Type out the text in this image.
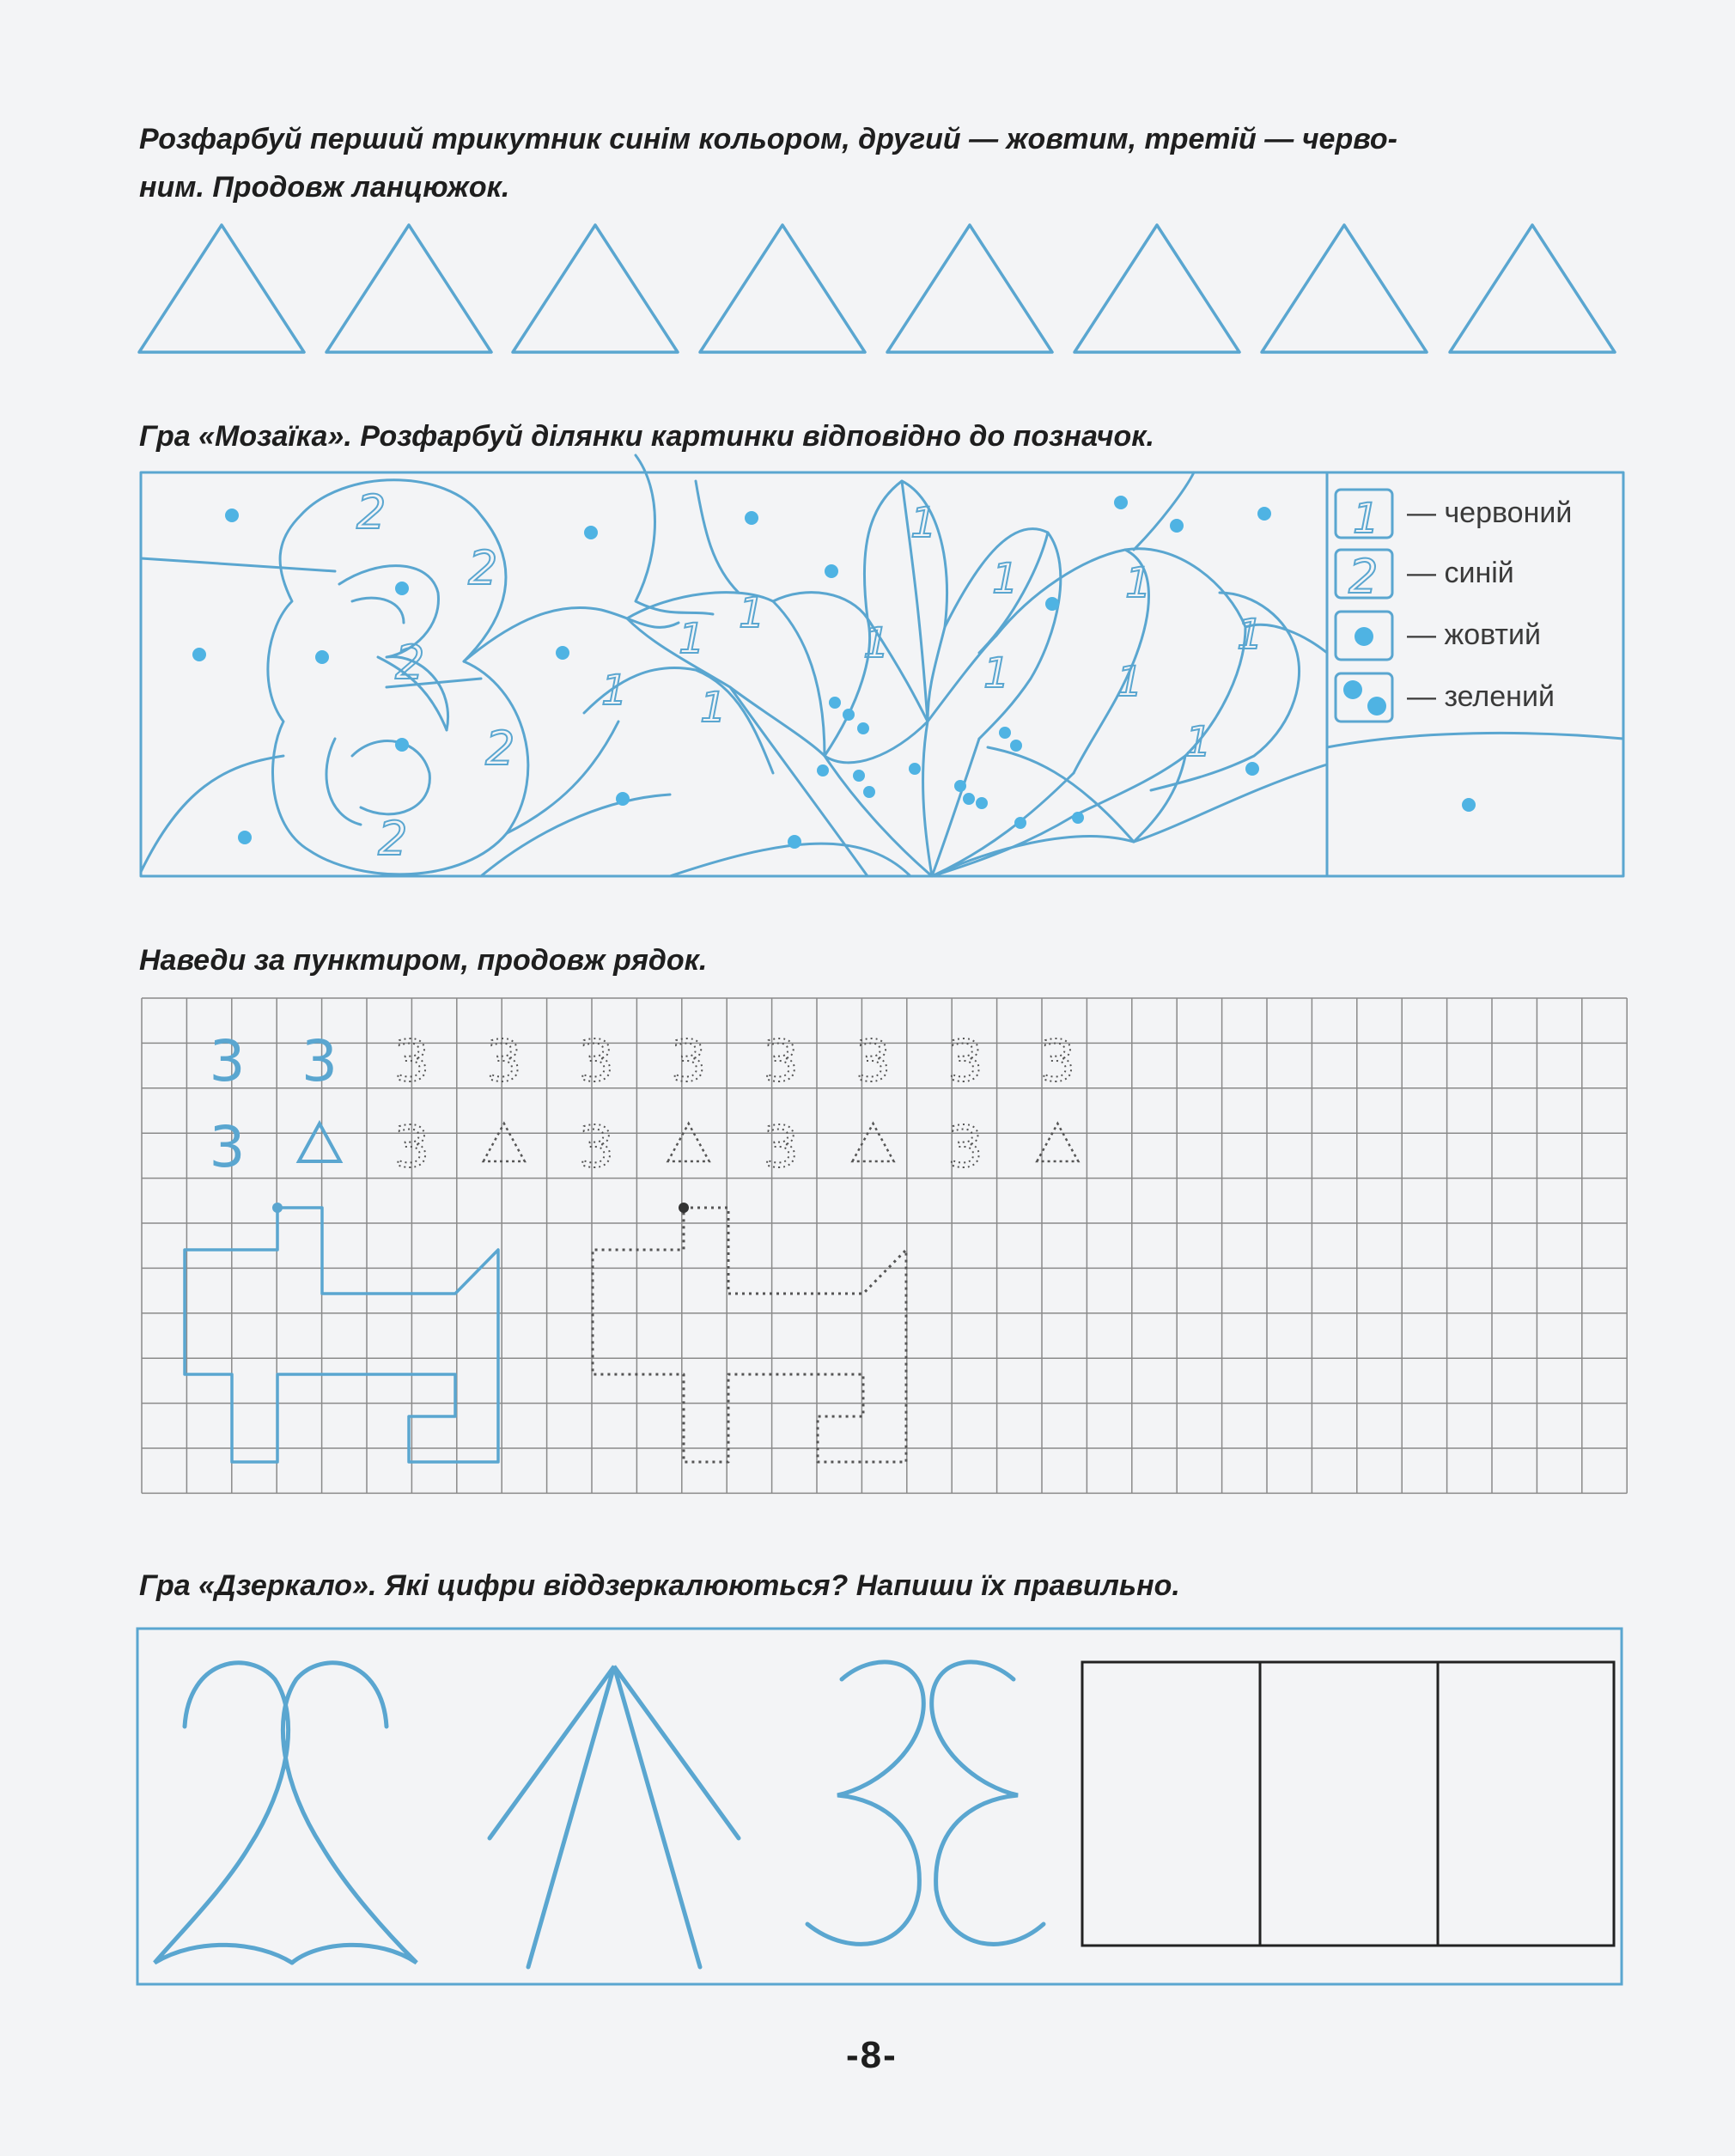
Розфарбуй перший трикутник синім кольором, другий — жовтим, третій — черво-

ним. Продовж ланцюжок.

Гра «Мозаїка». Розфарбуй ділянки картинки відповідно до позначок.

2
2
2
2
2
1
1
1
1
1
1
1
1
1
1
1
1
1
2
— червоний
— синій
— жовтий
— зелений

Наведи за пунктиром, продовж рядок.

3 3 3 3 3 3 3 3 3 3
3	3	3	3	3

Гра «Дзеркало». Які цифри віддзеркалюються? Напиши їх правильно.

-8-
